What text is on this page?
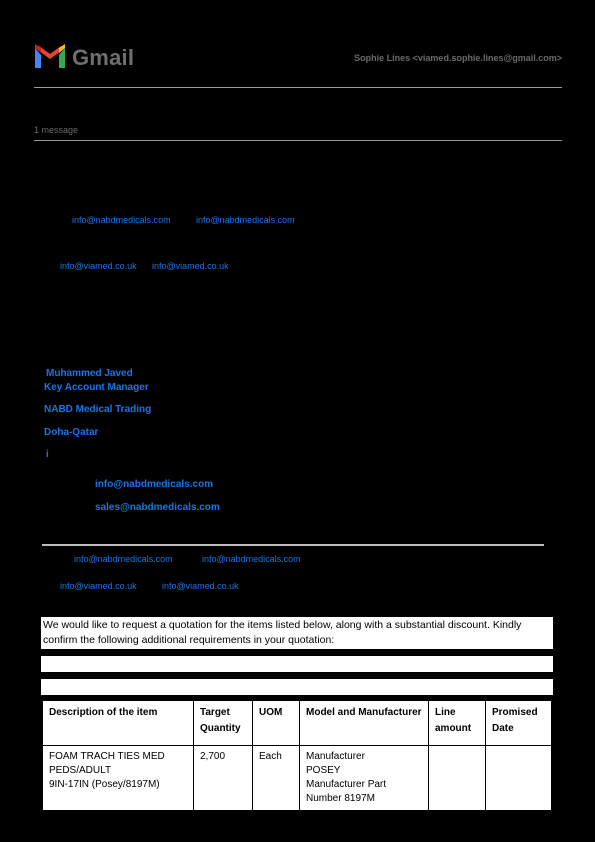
Gmail	Sophie Lines <viamed.sophie.lines@gmail.com>
1 message
info@nabdmedicals.com	info@nabdmedicals.com
info@viamed.co.uk info@viamed.co.uk
Muhammed Javed
Key Account Manager
NABD Medical Trading
Doha-Qatar
i
info@nabdmedicals.com
sales@nabdmedicals.com
info@nabdmedicals.com	info@nabdmedicals.com
info@viamed.co.uk	info@viamed.co.uk
We would like to request a quotation for the items listed below, along with a substantial discount. Kindly confirm the following additional requirements in your quotation:
Description of the item	Target Quantity	UOM	Model and Manufacturer	Line amount	Promised Date

FOAM TRACH TIES MED
PEDS/ADULT
9IN-17IN (Posey/8197M)	2,700	Each	Manufacturer
POSEY
Manufacturer Part
Number 8197M		
